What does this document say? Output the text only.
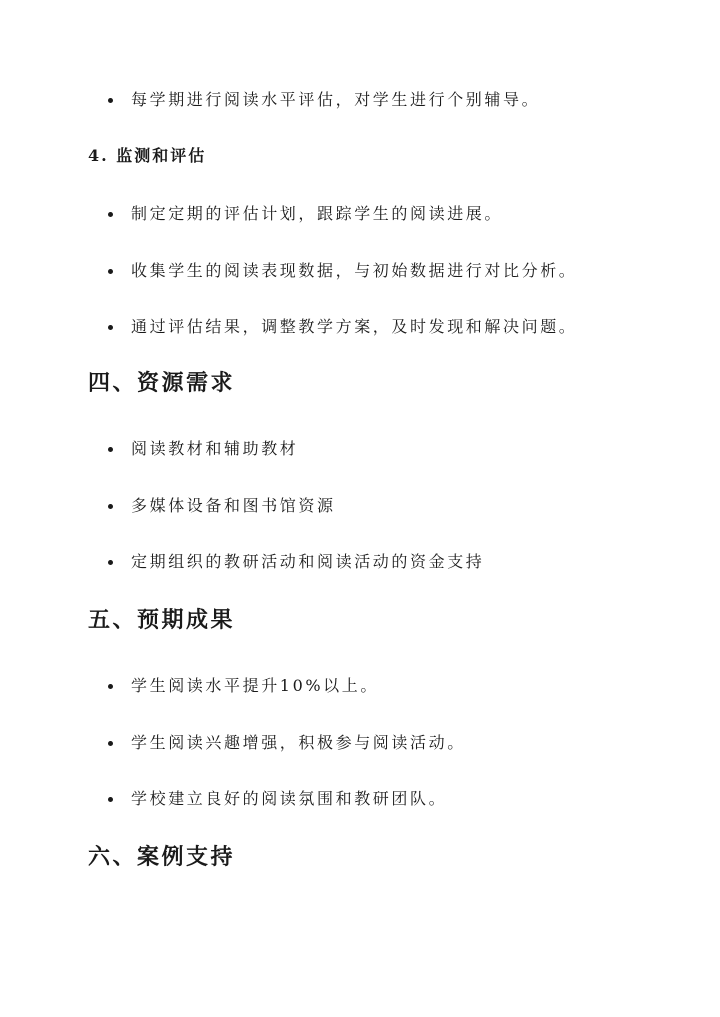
每学期进行阅读水平评估，对学生进行个别辅导。
4. 监测和评估
制定定期的评估计划，跟踪学生的阅读进展。
收集学生的阅读表现数据，与初始数据进行对比分析。
通过评估结果，调整教学方案，及时发现和解决问题。
四、资源需求
阅读教材和辅助教材
多媒体设备和图书馆资源
定期组织的教研活动和阅读活动的资金支持
五、预期成果
学生阅读水平提升10%以上。
学生阅读兴趣增强，积极参与阅读活动。
学校建立良好的阅读氛围和教研团队。
六、案例支持
